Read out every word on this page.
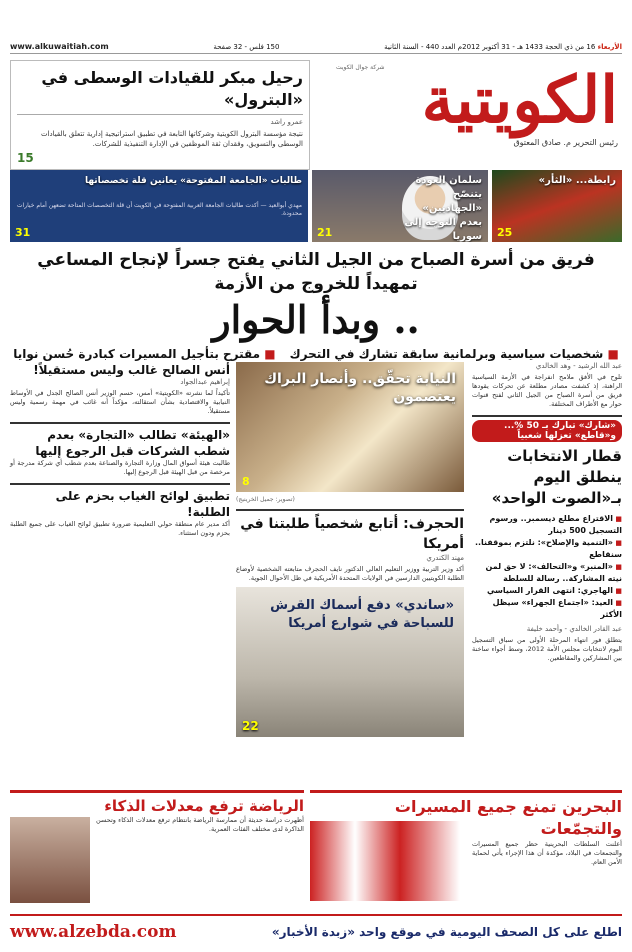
الأربعاء 16 من ذي الحجة 1433 هـ - 31 أكتوبر 2012م العدد 440 - السنة الثانية
150 فلس - 32 صفحة
www.alkuwaitiah.com
شركة جوال الكويت الكويتية
رئيس التحرير م. صادق المعتوق
رحيل مبكر للقيادات الوسطى في «البترول»
عمرو راشد

نتيجة مؤسسة البترول الكويتية وشركاتها التابعة في تطبيق استراتيجية إدارية تتعلق بالقيادات الوسطى والتسويق، وفقدان ثقة الموظفين في الإدارة التنفيذية للشركات.

15
رابطة... «الثأر»
25
سلمان العودة يتنصّح «الجهاديين» بعدم التوجه إلى سوريا
21
طالبات «الجامعة المفتوحة» يعانين قلة تخصصاتها

مهدي أبوالعيد — أكدت طالبات الجامعة العربية المفتوحة في الكويت أن قلة التخصصات المتاحة تضعهن أمام خيارات محدودة.

31
فريق من أسرة الصباح من الجيل الثاني يفتح جسراً لإنجاح المساعي تمهيداً للخروج من الأزمة
.. وبدأ الحوار
■ شخصيات سياسية وبرلمانية سابقة تشارك في التحرك
■ مقترح بتأجيل المسيرات كبادرة حُسن نوايا
عبد الله الرشيد - وهد الخالدي
تلوح في الأفق ملامح انفراجة في الأزمة السياسية الراهنة، إذ كشفت مصادر مطلعة عن تحركات يقودها فريق من أسرة الصباح من الجيل الثاني لفتح قنوات حوار مع الأطراف المختلفة.
«شارك» تبارك بـ 50 %... و«قاطع» تعزلها شعبياً
قطار الانتخابات ينطلق اليوم بـ«الصوت الواحد»
■ الاقتراع مطلع ديسمبر.. ورسوم التسجيل 500 دينار
■ «التنمية والإصلاح»: نلتزم بموقفنا.. سنقاطع
■ «المنبر» و«التحالف»: لا حق لمن نيته المشاركة.. رسالة للسلطة
■ الهاجري: انتهى القرار السياسي
■ العيد: «اجتماع الجهراء» سيظل الأكثر
عبد القادر الخالدي - وأحمد خليفة
يتطلق فور انتهاء المرحلة الأولى من سباق التسجيل اليوم لانتخابات مجلس الأمة 2012، وسط أجواء ساخنة بين المشاركين والمقاطعين.
النيابة تحقّق.. وأنصار البراك يعتصمون
8
(تصوير: جميل الخرينيج)
الحجرف: أتابع شخصياً طلبتنا في أمريكا
مهند الكندري
أكد وزير التربية ووزير التعليم العالي الدكتور نايف الحجرف متابعته الشخصية لأوضاع الطلبة الكويتيين الدارسين في الولايات المتحدة الأمريكية في ظل الأحوال الجوية.
«ساندي» دفع أسماك القرش للسباحة في شوارع أمريكا
22
أنس الصالح غالب وليس مستقيلاً!
إبراهيم عبدالجواد
تأكيداً لما نشرته «الكويتية» أمس، حسم الوزير أنس الصالح الجدل في الأوساط النيابية والاقتصادية بشأن استقالته، مؤكداً أنه غائب في مهمة رسمية وليس مستقيلاً.
«الهيئة» تطالب «التجارة» بعدم شطب الشركات قبل الرجوع إليها
طالبت هيئة أسواق المال وزارة التجارة والصناعة بعدم شطب أي شركة مدرجة أو مرخصة من قبل الهيئة قبل الرجوع إليها.
تطبيق لوائح الغياب بحزم على الطلبة!
أكد مدير عام منطقة حولي التعليمية ضرورة تطبيق لوائح الغياب على جميع الطلبة بحزم ودون استثناء.
البحرين تمنع جميع المسيرات والتجمّعات
أعلنت السلطات البحرينية حظر جميع المسيرات والتجمعات في البلاد، مؤكدة أن هذا الإجراء يأتي لحماية الأمن العام.
الرياضة ترفع معدلات الذكاء
أظهرت دراسة حديثة أن ممارسة الرياضة بانتظام ترفع معدلات الذكاء وتحسن الذاكرة لدى مختلف الفئات العمرية.
اطلع على كل الصحف اليومية في موقع واحد «زبدة الأخبار»
www.alzebda.com
